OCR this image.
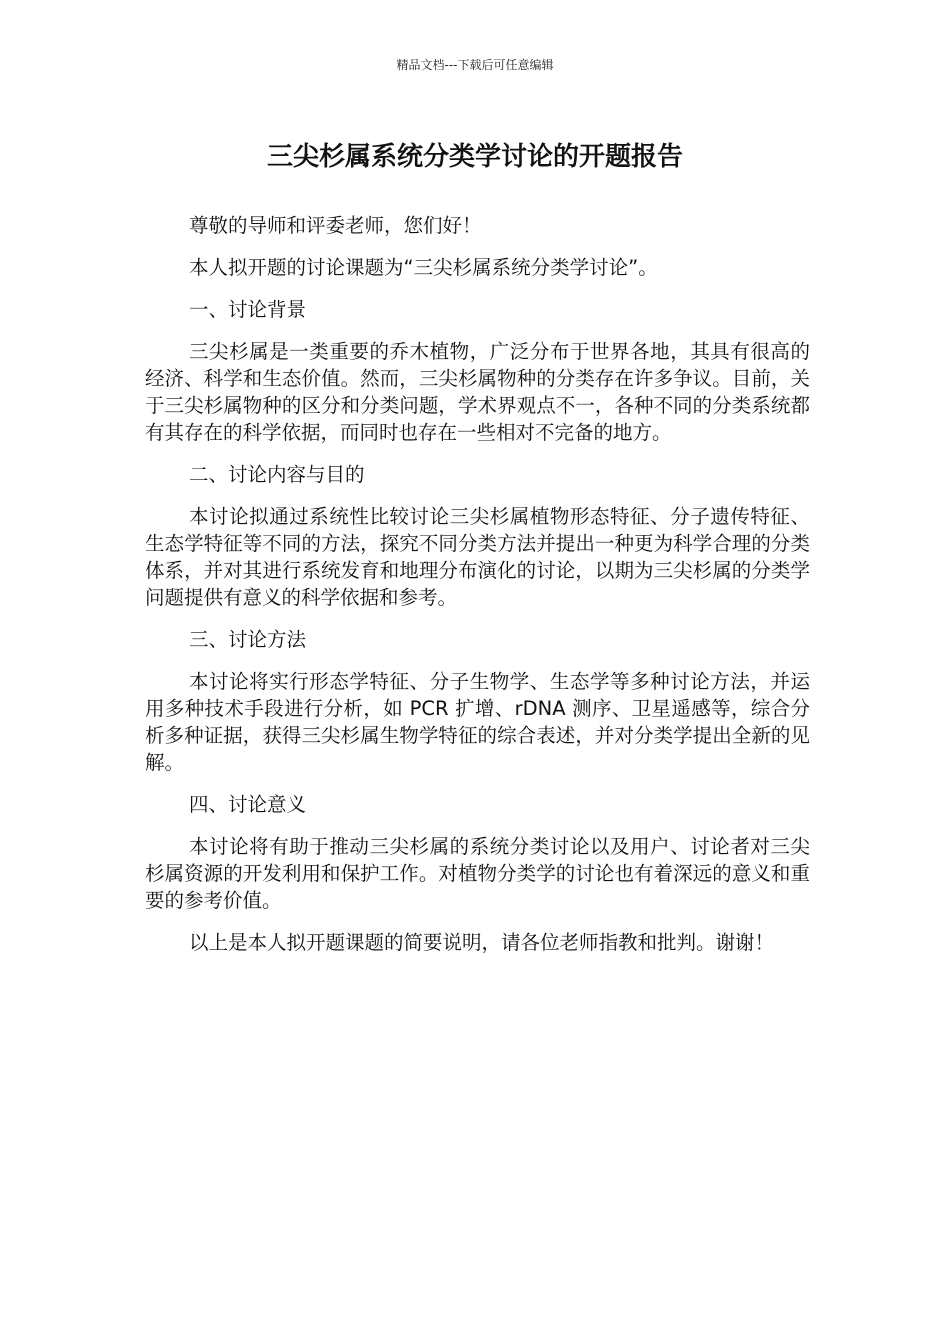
精品文档---下载后可任意编辑
三尖杉属系统分类学讨论的开题报告

尊敬的导师和评委老师，您们好！

本人拟开题的讨论课题为“三尖杉属系统分类学讨论”。

一、讨论背景

三尖杉属是一类重要的乔木植物，广泛分布于世界各地，其具有很高的经济、科学和生态价值。然而，三尖杉属物种的分类存在许多争议。目前，关于三尖杉属物种的区分和分类问题，学术界观点不一，各种不同的分类系统都有其存在的科学依据，而同时也存在一些相对不完备的地方。

二、讨论内容与目的

本讨论拟通过系统性比较讨论三尖杉属植物形态特征、分子遗传特征、生态学特征等不同的方法，探究不同分类方法并提出一种更为科学合理的分类体系，并对其进行系统发育和地理分布演化的讨论，以期为三尖杉属的分类学问题提供有意义的科学依据和参考。

三、讨论方法

本讨论将实行形态学特征、分子生物学、生态学等多种讨论方法，并运用多种技术手段进行分析，如 PCR 扩增、rDNA 测序、卫星遥感等，综合分析多种证据，获得三尖杉属生物学特征的综合表述，并对分类学提出全新的见解。

四、讨论意义

本讨论将有助于推动三尖杉属的系统分类讨论以及用户、讨论者对三尖杉属资源的开发利用和保护工作。对植物分类学的讨论也有着深远的意义和重要的参考价值。

以上是本人拟开题课题的简要说明，请各位老师指教和批判。谢谢！
